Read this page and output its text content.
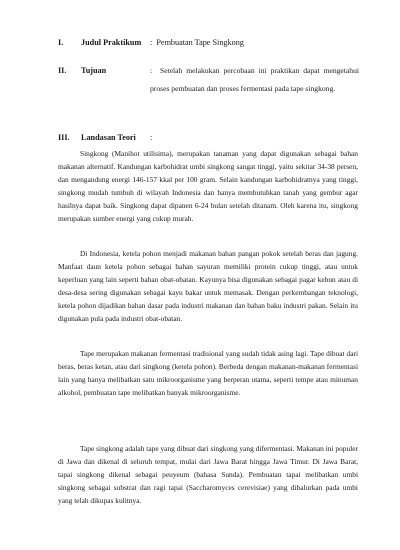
I. Judul Praktikum : Pembuatan Tape Singkong
II. Tujuan	: Setelah melakukan percobaan ini praktikan dapat mengetahui proses pembuatan dan proses fermentasi pada tape singkong.
III. Landasan Teori :

Singkong (Manihot utilisima), merupakan tanaman yang dapat digunakan sebagai bahan makanan alternatif. Kandungan karbohidrat umbi singkong sangat tinggi, yaitu sekitar 34-38 persen, dan mengandung energi 146-157 kkal per 100 gram. Selain kandungan karbohidratnya yang tinggi, singkong mudah tumbuh di wilayah Indonesia dan hanya membutuhkan tanah yang gembur agar hasilnya dapat baik. Singkong dapat dipanen 6-24 bulan setelah ditanam. Oleh karena itu, singkong merupakan sumber energi yang cukup murah.

Di Indonesia, ketela pohon menjadi makanan bahan pangan pokok setelah beras dan jagung. Manfaat daun ketela pohon sebagai bahan sayuran memiliki protein cukup tinggi, atau untuk keperluan yang lain seperti bahan obat-obatan. Kayunya bisa digunakan sebagai pagar kebun atau di desa-desa sering digunakan sebagai kayu bakar untuk memasak. Dengan perkembangan teknologi, ketela pohon dijadikan bahan dasar pada industri makanan dan bahan baku industri pakan. Selain itu digunakan pula pada industri obat-obatan.

Tape merupakan makanan fermentasi tradisional yang sudah tidak asing lagi. Tape dibuat dari beras, beras ketan, atau dari singkong (ketela pohon). Berbeda dengan makanan-makanan fermentasi lain yang hanya melibatkan satu mikroorganisme yang berperan utama, seperti tempe atau minuman alkohol, pembuatan tape melibatkan banyak mikroorganisme.

Tape singkong adalah tape yang dibuat dari singkong yang difermentasi. Makanan ini populer di Jawa dan dikenal di seluruh tempat, mulai dari Jawa Barat hingga Jawa Timur. Di Jawa Barat, tapai singkong dikenal sebagai peuyeum (bahasa Sunda). Pembuatan tapai melibatkan umbi singkong sebagai substrat dan ragi tapai (Saccharomyces cerevisiae) yang dibalurkan pada umbi yang telah dikupas kulitnya.
